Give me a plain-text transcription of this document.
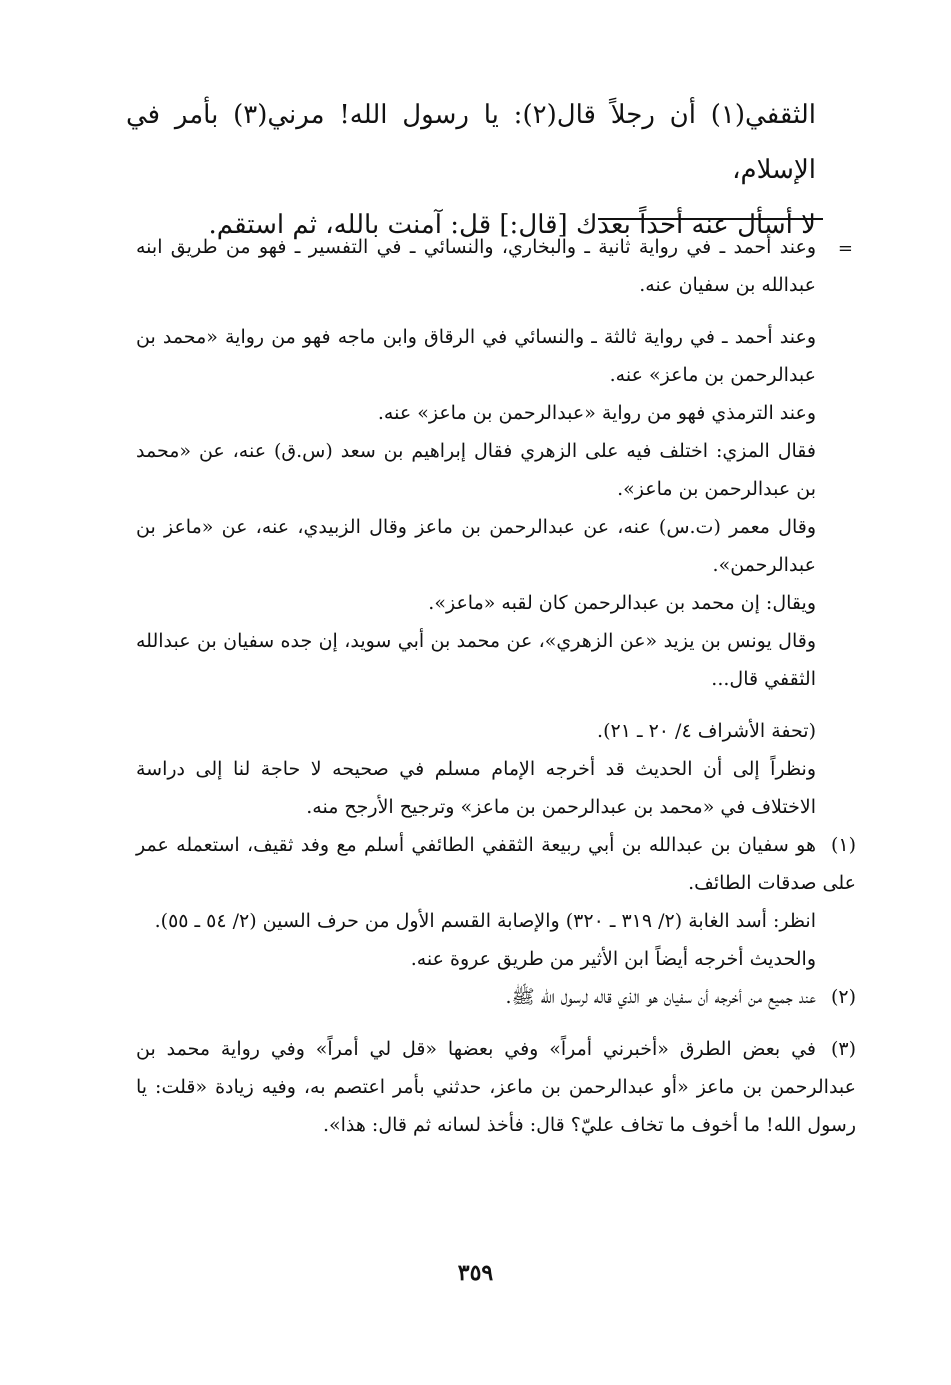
الثقفي(١) أن رجلاً قال(٢): يا رسول الله! مرني(٣) بأمر في الإسلام،

لا أسأل عنه أحداً بعدك [قال:] قل: آمنت بالله، ثم استقم.

=

وعند أحمد ـ في رواية ثانية ـ والبخاري، والنسائي ـ في التفسير ـ فهو من طريق ابنه عبدالله بن سفيان عنه.

وعند أحمد ـ في رواية ثالثة ـ والنسائي في الرقاق وابن ماجه فهو من رواية «محمد بن عبدالرحمن بن ماعز» عنه.

وعند الترمذي فهو من رواية «عبدالرحمن بن ماعز» عنه.

فقال المزي: اختلف فيه على الزهري فقال إبراهيم بن سعد (س.ق) عنه، عن «محمد بن عبدالرحمن بن ماعز».

وقال معمر (ت.س) عنه، عن عبدالرحمن بن ماعز وقال الزبيدي، عنه، عن «ماعز بن عبدالرحمن».

ويقال: إن محمد بن عبدالرحمن كان لقبه «ماعز».

وقال يونس بن يزيد «عن الزهري»، عن محمد بن أبي سويد، إن جده سفيان بن عبدالله الثقفي قال...

(تحفة الأشراف ٤/ ٢٠ ـ ٢١).

ونظراً إلى أن الحديث قد أخرجه الإمام مسلم في صحيحه لا حاجة لنا إلى دراسة الاختلاف في «محمد بن عبدالرحمن بن ماعز» وترجيح الأرجح منه.

(١)هو سفيان بن عبدالله بن أبي ربيعة الثقفي الطائفي أسلم مع وفد ثقيف، استعمله عمر على صدقات الطائف.

انظر: أسد الغابة (٢/ ٣١٩ ـ ٣٢٠) والإصابة القسم الأول من حرف السين (٢/ ٥٤ ـ ٥٥).

والحديث أخرجه أيضاً ابن الأثير من طريق عروة عنه.

(٢)عند جميع من أخرجه أن سفيان هو الذي قاله لرسول الله ﷺ.

(٣)في بعض الطرق «أخبرني أمراً» وفي بعضها «قل لي أمراً» وفي رواية محمد بن عبدالرحمن بن ماعز «أو عبدالرحمن بن ماعز، حدثني بأمر اعتصم به، وفيه زيادة «قلت: يا رسول الله! ما أخوف ما تخاف عليّ؟ قال: فأخذ لسانه ثم قال: هذا».

٣٥٩
